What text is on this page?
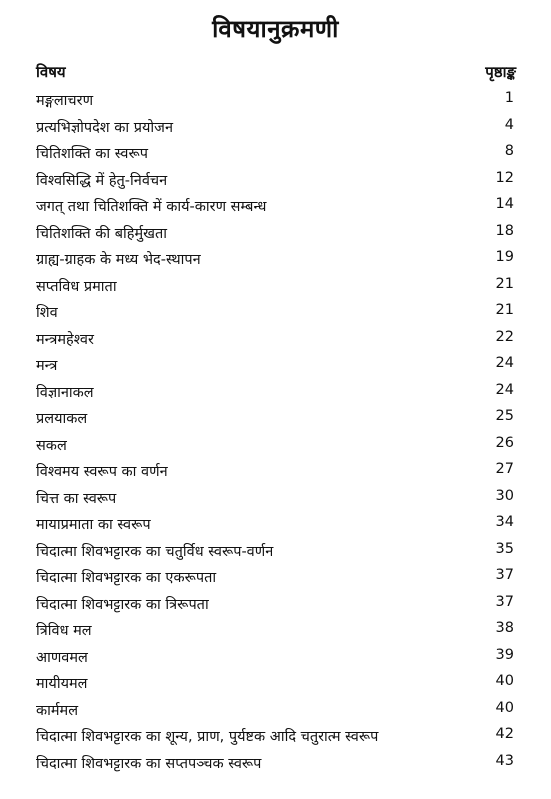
विषयानुक्रमणी
विषय	पृष्ठाङ्क
मङ्गलाचरण	1
प्रत्यभिज्ञोपदेश का प्रयोजन	4
चितिशक्ति का स्वरूप	8
विश्वसिद्धि में हेतु-निर्वचन	12
जगत् तथा चितिशक्ति में कार्य-कारण सम्बन्ध	14
चितिशक्ति की बहिर्मुखता	18
ग्राह्य-ग्राहक के मध्य भेद-स्थापन	19
सप्तविध प्रमाता	21
शिव	21
मन्त्रमहेश्वर	22
मन्त्र	24
विज्ञानाकल	24
प्रलयाकल	25
सकल	26
विश्वमय स्वरूप का वर्णन	27
चित्त का स्वरूप	30
मायाप्रमाता का स्वरूप	34
चिदात्मा शिवभट्टारक का चतुर्विध स्वरूप-वर्णन	35
चिदात्मा शिवभट्टारक का एकरूपता	37
चिदात्मा शिवभट्टारक का त्रिरूपता	37
त्रिविध मल	38
आणवमल	39
मायीयमल	40
कार्ममल	40
चिदात्मा शिवभट्टारक का शून्य, प्राण, पुर्यष्टक आदि चतुरात्म स्वरूप	42
चिदात्मा शिवभट्टारक का सप्तपञ्चक स्वरूप	43
